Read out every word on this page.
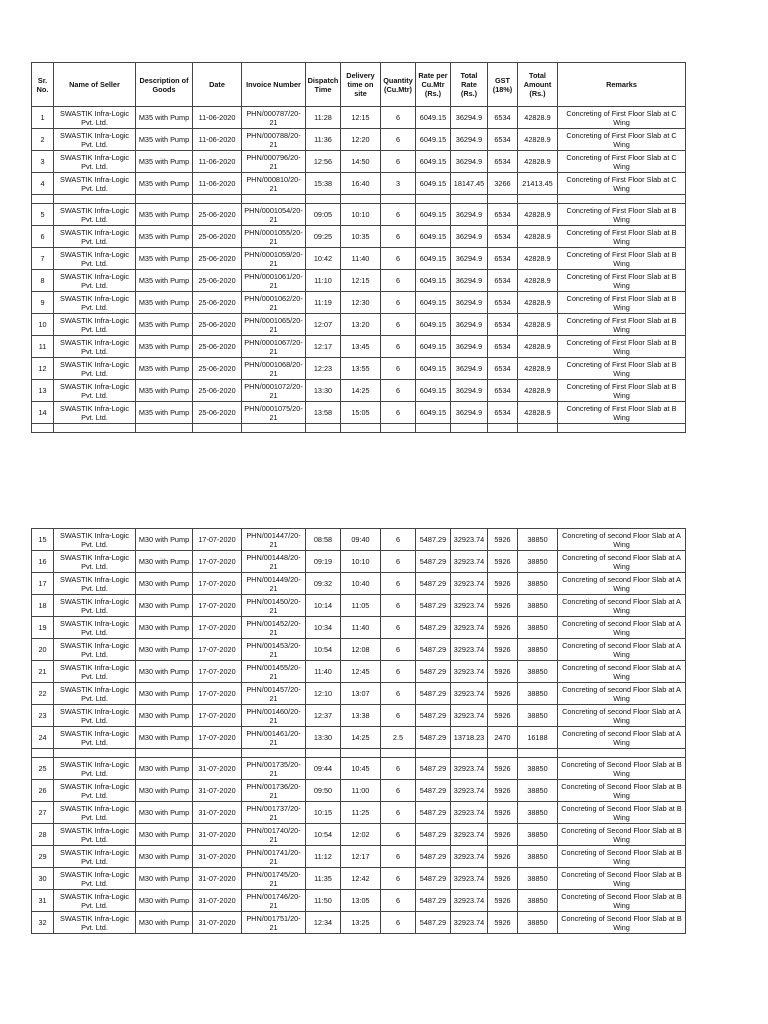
Sr. No.	Name of Seller	Description of Goods	Date	Invoice Number	Dispatch Time	Delivery time on site	Quantity (Cu.Mtr)	Rate per Cu.Mtr (Rs.)	Total Rate (Rs.)	GST (18%)	Total Amount (Rs.)	Remarks
1	SWASTIK Infra-Logic Pvt. Ltd.	M35 with Pump	11-06-2020	PHN/000787/20-21	11:28	12:15	6	6049.15	36294.9	6534	42828.9	Concreting of First Floor Slab at C Wing
2	SWASTIK Infra-Logic Pvt. Ltd.	M35 with Pump	11-06-2020	PHN/000788/20-21	11:36	12:20	6	6049.15	36294.9	6534	42828.9	Concreting of First Floor Slab at C Wing
3	SWASTIK Infra-Logic Pvt. Ltd.	M35 with Pump	11-06-2020	PHN/000796/20-21	12:56	14:50	6	6049.15	36294.9	6534	42828.9	Concreting of First Floor Slab at C Wing
4	SWASTIK Infra-Logic Pvt. Ltd.	M35 with Pump	11-06-2020	PHN/000810/20-21	15:38	16:40	3	6049.15	18147.45	3266	21413.45	Concreting of First Floor Slab at C Wing

5	SWASTIK Infra-Logic Pvt. Ltd.	M35 with Pump	25-06-2020	PHN/0001054/20-21	09:05	10:10	6	6049.15	36294.9	6534	42828.9	Concreting of First Floor Slab at B Wing
6	SWASTIK Infra-Logic Pvt. Ltd.	M35 with Pump	25-06-2020	PHN/0001055/20-21	09:25	10:35	6	6049.15	36294.9	6534	42828.9	Concreting of First Floor Slab at B Wing
7	SWASTIK Infra-Logic Pvt. Ltd.	M35 with Pump	25-06-2020	PHN/0001059/20-21	10:42	11:40	6	6049.15	36294.9	6534	42828.9	Concreting of First Floor Slab at B Wing
8	SWASTIK Infra-Logic Pvt. Ltd.	M35 with Pump	25-06-2020	PHN/0001061/20-21	11:10	12:15	6	6049.15	36294.9	6534	42828.9	Concreting of First Floor Slab at B Wing
9	SWASTIK Infra-Logic Pvt. Ltd.	M35 with Pump	25-06-2020	PHN/0001062/20-21	11:19	12:30	6	6049.15	36294.9	6534	42828.9	Concreting of First Floor Slab at B Wing
10	SWASTIK Infra-Logic Pvt. Ltd.	M35 with Pump	25-06-2020	PHN/0001065/20-21	12:07	13:20	6	6049.15	36294.9	6534	42828.9	Concreting of First Floor Slab at B Wing
11	SWASTIK Infra-Logic Pvt. Ltd.	M35 with Pump	25-06-2020	PHN/0001067/20-21	12:17	13:45	6	6049.15	36294.9	6534	42828.9	Concreting of First Floor Slab at B Wing
12	SWASTIK Infra-Logic Pvt. Ltd.	M35 with Pump	25-06-2020	PHN/0001068/20-21	12:23	13:55	6	6049.15	36294.9	6534	42828.9	Concreting of First Floor Slab at B Wing
13	SWASTIK Infra-Logic Pvt. Ltd.	M35 with Pump	25-06-2020	PHN/0001072/20-21	13:30	14:25	6	6049.15	36294.9	6534	42828.9	Concreting of First Floor Slab at B Wing
14	SWASTIK Infra-Logic Pvt. Ltd.	M35 with Pump	25-06-2020	PHN/0001075/20-21	13:58	15:05	6	6049.15	36294.9	6534	42828.9	Concreting of First Floor Slab at B Wing

15	SWASTIK Infra-Logic Pvt. Ltd.	M30 with Pump	17-07-2020	PHN/001447/20-21	08:58	09:40	6	5487.29	32923.74	5926	38850	Concreting of second Floor Slab at A Wing
16	SWASTIK Infra-Logic Pvt. Ltd.	M30 with Pump	17-07-2020	PHN/001448/20-21	09:19	10:10	6	5487.29	32923.74	5926	38850	Concreting of second Floor Slab at A Wing
17	SWASTIK Infra-Logic Pvt. Ltd.	M30 with Pump	17-07-2020	PHN/001449/20-21	09:32	10:40	6	5487.29	32923.74	5926	38850	Concreting of second Floor Slab at A Wing
18	SWASTIK Infra-Logic Pvt. Ltd.	M30 with Pump	17-07-2020	PHN/001450/20-21	10:14	11:05	6	5487.29	32923.74	5926	38850	Concreting of second Floor Slab at A Wing
19	SWASTIK Infra-Logic Pvt. Ltd.	M30 with Pump	17-07-2020	PHN/001452/20-21	10:34	11:40	6	5487.29	32923.74	5926	38850	Concreting of second Floor Slab at A Wing
20	SWASTIK Infra-Logic Pvt. Ltd.	M30 with Pump	17-07-2020	PHN/001453/20-21	10:54	12:08	6	5487.29	32923.74	5926	38850	Concreting of second Floor Slab at A Wing
21	SWASTIK Infra-Logic Pvt. Ltd.	M30 with Pump	17-07-2020	PHN/001455/20-21	11:40	12:45	6	5487.29	32923.74	5926	38850	Concreting of second Floor Slab at A Wing
22	SWASTIK Infra-Logic Pvt. Ltd.	M30 with Pump	17-07-2020	PHN/001457/20-21	12:10	13:07	6	5487.29	32923.74	5926	38850	Concreting of second Floor Slab at A Wing
23	SWASTIK Infra-Logic Pvt. Ltd.	M30 with Pump	17-07-2020	PHN/001460/20-21	12:37	13:38	6	5487.29	32923.74	5926	38850	Concreting of second Floor Slab at A Wing
24	SWASTIK Infra-Logic Pvt. Ltd.	M30 with Pump	17-07-2020	PHN/001461/20-21	13:30	14:25	2.5	5487.29	13718.23	2470	16188	Concreting of second Floor Slab at A Wing

25	SWASTIK Infra-Logic Pvt. Ltd.	M30 with Pump	31-07-2020	PHN/001735/20-21	09:44	10:45	6	5487.29	32923.74	5926	38850	Concreting of Second Floor Slab at B Wing
26	SWASTIK Infra-Logic Pvt. Ltd.	M30 with Pump	31-07-2020	PHN/001736/20-21	09:50	11:00	6	5487.29	32923.74	5926	38850	Concreting of Second Floor Slab at B Wing
27	SWASTIK Infra-Logic Pvt. Ltd.	M30 with Pump	31-07-2020	PHN/001737/20-21	10:15	11:25	6	5487.29	32923.74	5926	38850	Concreting of Second Floor Slab at B Wing
28	SWASTIK Infra-Logic Pvt. Ltd.	M30 with Pump	31-07-2020	PHN/001740/20-21	10:54	12:02	6	5487.29	32923.74	5926	38850	Concreting of Second Floor Slab at B Wing
29	SWASTIK Infra-Logic Pvt. Ltd.	M30 with Pump	31-07-2020	PHN/001741/20-21	11:12	12:17	6	5487.29	32923.74	5926	38850	Concreting of Second Floor Slab at B Wing
30	SWASTIK Infra-Logic Pvt. Ltd.	M30 with Pump	31-07-2020	PHN/001745/20-21	11:35	12:42	6	5487.29	32923.74	5926	38850	Concreting of Second Floor Slab at B Wing
31	SWASTIK Infra-Logic Pvt. Ltd.	M30 with Pump	31-07-2020	PHN/001746/20-21	11:50	13:05	6	5487.29	32923.74	5926	38850	Concreting of Second Floor Slab at B Wing
32	SWASTIK Infra-Logic Pvt. Ltd.	M30 with Pump	31-07-2020	PHN/001751/20-21	12:34	13:25	6	5487.29	32923.74	5926	38850	Concreting of Second Floor Slab at B Wing
